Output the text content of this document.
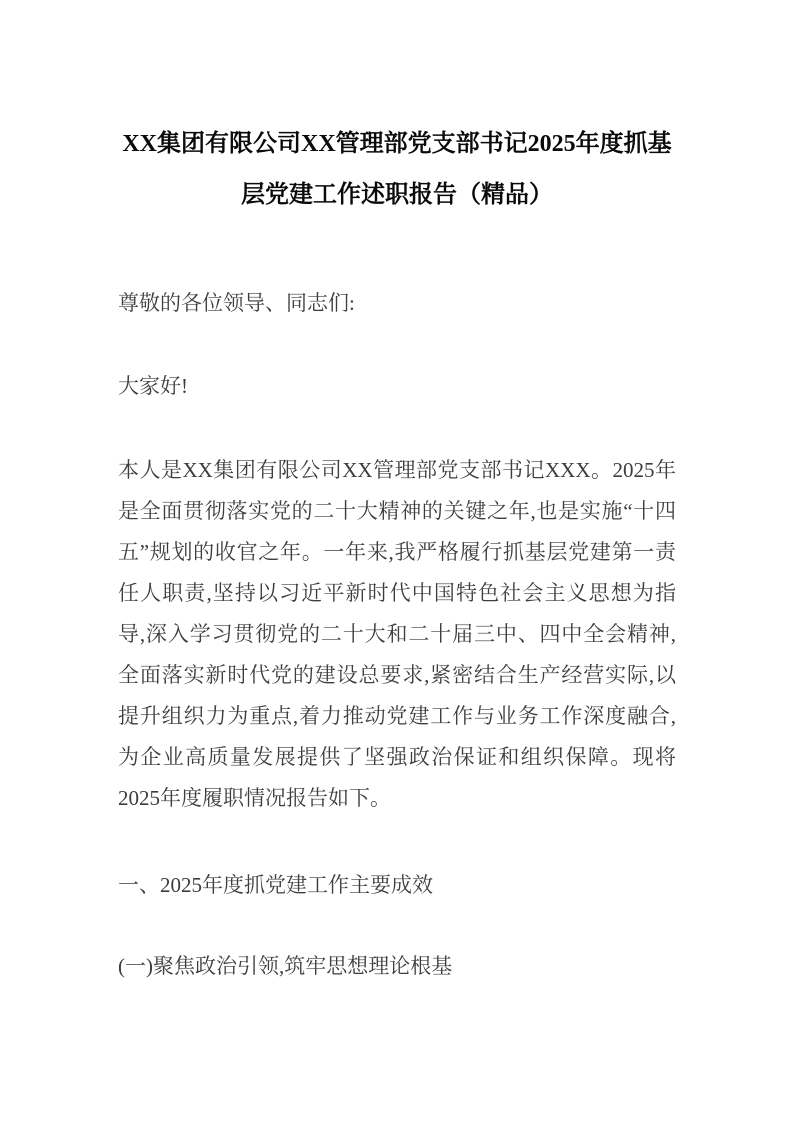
XX集团有限公司XX管理部党支部书记2025年度抓基
层党建工作述职报告（精品）

尊敬的各位领导、同志们:

大家好!

本人是XX集团有限公司XX管理部党支部书记XXX。2025年
是全面贯彻落实党的二十大精神的关键之年,也是实施“十四
五”规划的收官之年。一年来,我严格履行抓基层党建第一责
任人职责,坚持以习近平新时代中国特色社会主义思想为指
导,深入学习贯彻党的二十大和二十届三中、四中全会精神,
全面落实新时代党的建设总要求,紧密结合生产经营实际,以
提升组织力为重点,着力推动党建工作与业务工作深度融合,
为企业高质量发展提供了坚强政治保证和组织保障。现将
2025年度履职情况报告如下。

一、2025年度抓党建工作主要成效

(一)聚焦政治引领,筑牢思想理论根基
